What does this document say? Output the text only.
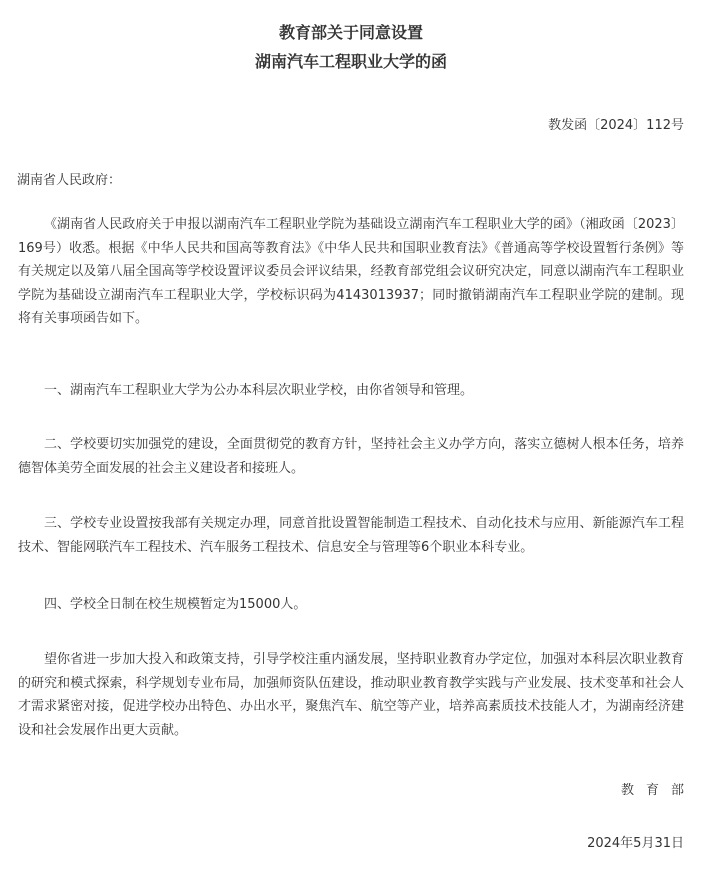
教育部关于同意设置
湖南汽车工程职业大学的函
教发函〔2024〕112号
湖南省人民政府：

《湖南省人民政府关于申报以湖南汽车工程职业学院为基础设立湖南汽车工程职业大学的函》（湘政函〔2023〕169号）收悉。根据《中华人民共和国高等教育法》《中华人民共和国职业教育法》《普通高等学校设置暂行条例》等有关规定以及第八届全国高等学校设置评议委员会评议结果，经教育部党组会议研究决定，同意以湖南汽车工程职业学院为基础设立湖南汽车工程职业大学，学校标识码为4143013937；同时撤销湖南汽车工程职业学院的建制。现将有关事项函告如下。

一、湖南汽车工程职业大学为公办本科层次职业学校，由你省领导和管理。

二、学校要切实加强党的建设，全面贯彻党的教育方针，坚持社会主义办学方向，落实立德树人根本任务，培养德智体美劳全面发展的社会主义建设者和接班人。

三、学校专业设置按我部有关规定办理，同意首批设置智能制造工程技术、自动化技术与应用、新能源汽车工程技术、智能网联汽车工程技术、汽车服务工程技术、信息安全与管理等6个职业本科专业。

四、学校全日制在校生规模暂定为15000人。

望你省进一步加大投入和政策支持，引导学校注重内涵发展，坚持职业教育办学定位，加强对本科层次职业教育的研究和模式探索，科学规划专业布局，加强师资队伍建设，推动职业教育教学实践与产业发展、技术变革和社会人才需求紧密对接，促进学校办出特色、办出水平，聚焦汽车、航空等产业，培养高素质技术技能人才，为湖南经济建设和社会发展作出更大贡献。

教育部
2024年5月31日
